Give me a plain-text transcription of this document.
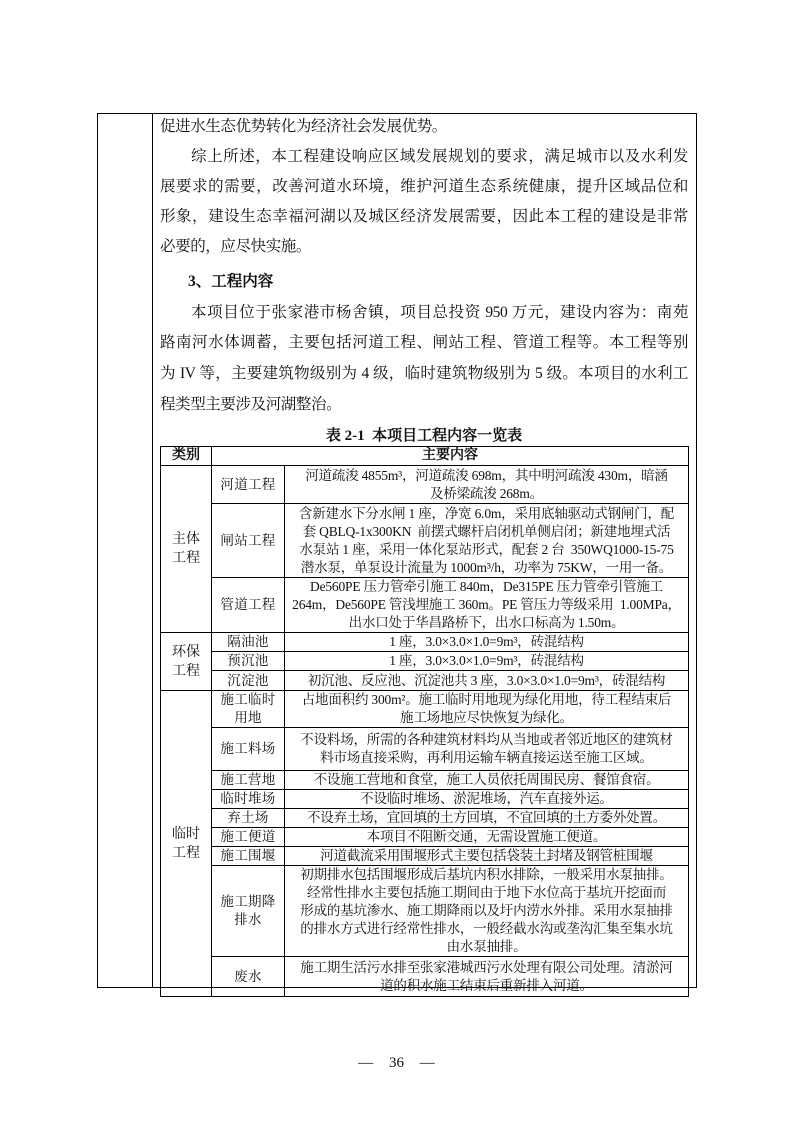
促进水生态优势转化为经济社会发展优势。
综上所述，本工程建设响应区域发展规划的要求，满足城市以及水利发
展要求的需要，改善河道水环境，维护河道生态系统健康，提升区域品位和
形象，建设生态幸福河湖以及城区经济发展需要，因此本工程的建设是非常
必要的，应尽快实施。
3、工程内容
本项目位于张家港市杨舍镇，项目总投资 950 万元，建设内容为：南苑
路南河水体调蓄，主要包括河道工程、闸站工程、管道工程等。本工程等别
为 IV 等，主要建筑物级别为 4 级，临时建筑物级别为 5 级。本项目的水利工
程类型主要涉及河湖整治。
表 2-1  本项目工程内容一览表
类别	主要内容	
主体
工程	河道工程	河道疏浚 4855m³，河道疏浚 698m，其中明河疏浚 430m，暗涵
及桥梁疏浚 268m。
	闸站工程	含新建水下分水闸 1 座，净宽 6.0m，采用底轴驱动式钢闸门，配
套 QBLQ-1x300KN  前摆式螺杆启闭机单侧启闭；新建地埋式活
水泵站 1 座，采用一体化泵站形式，配套 2 台  350WQ1000-15-75
潜水泵，单泵设计流量为 1000m³/h，功率为 75KW，一用一备。
	管道工程	De560PE 压力管牵引施工 840m，De315PE 压力管牵引管施工
264m，De560PE 管浅埋施工 360m。PE 管压力等级采用  1.00MPa，
出水口处于华昌路桥下，出水口标高为 1.50m。
环保
工程	隔油池	1 座，3.0×3.0×1.0=9m³，砖混结构
	预沉池	1 座，3.0×3.0×1.0=9m³，砖混结构
	沉淀池	初沉池、反应池、沉淀池共 3 座，3.0×3.0×1.0=9m³，砖混结构
临时
工程	施工临时
用地	占地面积约 300m²。施工临时用地现为绿化用地，待工程结束后
施工场地应尽快恢复为绿化。
	施工料场	不设料场，所需的各种建筑材料均从当地或者邻近地区的建筑材
料市场直接采购，再利用运输车辆直接运送至施工区域。
	施工营地	不设施工营地和食堂，施工人员依托周围民房、餐馆食宿。
	临时堆场	不设临时堆场、淤泥堆场，汽车直接外运。
	弃土场	不设弃土场，宜回填的土方回填，不宜回填的土方委外处置。
	施工便道	本项目不阻断交通，无需设置施工便道。
	施工围堰	河道截流采用围堰形式主要包括袋装土封堵及钢管桩围堰
	施工期降
排水	初期排水包括围堰形成后基坑内积水排除，一般采用水泵抽排。
经常性排水主要包括施工期间由于地下水位高于基坑开挖面而
形成的基坑渗水、施工期降雨以及圩内涝水外排。采用水泵抽排
的排水方式进行经常性排水，一般经截水沟或垄沟汇集至集水坑
由水泵抽排。
	废水	施工期生活污水排至张家港城西污水处理有限公司处理。清淤河
道的积水施工结束后重新排入河道。
— 36 —
